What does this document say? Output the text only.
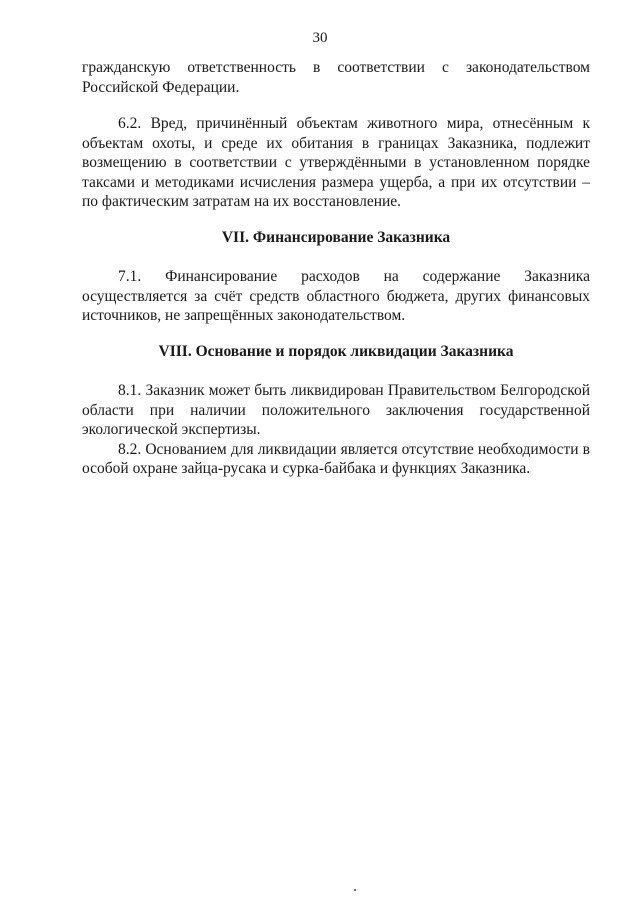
30
гражданскую ответственность в соответствии с законодательством

Российской Федерации.

6.2. Вред, причинённый объектам животного мира, отнесённым к объектам охоты, и среде их обитания в границах Заказника, подлежит возмещению в соответствии с утверждёнными в установленном порядке таксами и методиками исчисления размера ущерба, а при их отсутствии – по фактическим затратам на их восстановление.

VII. Финансирование Заказника
7.1. Финансирование расходов на содержание Заказника

осуществляется за счёт средств областного бюджета, других финансовых источников, не запрещённых законодательством.

VIII. Основание и порядок ликвидации Заказника

8.1. Заказник может быть ликвидирован Правительством Белгородской области при наличии положительного заключения государственной экологической экспертизы.

8.2. Основанием для ликвидации является отсутствие необходимости в особой охране зайца-русака и сурка-байбака и функциях Заказника.
